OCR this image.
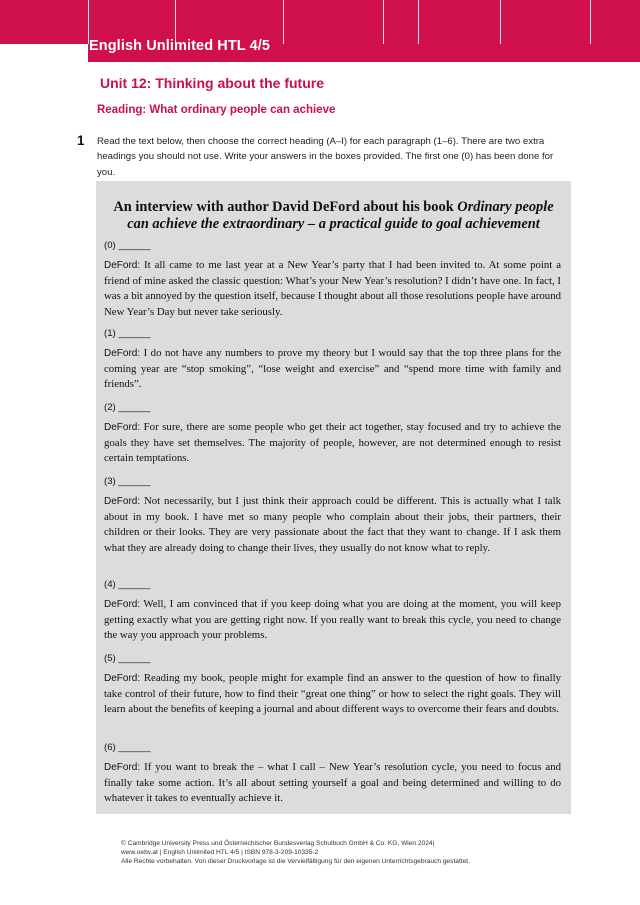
English Unlimited HTL 4/5
Unit 12: Thinking about the future
Reading: What ordinary people can achieve
1 Read the text below, then choose the correct heading (A–I) for each paragraph (1–6). There are two extra headings you should not use. Write your answers in the boxes provided. The first one (0) has been done for you.
An interview with author David DeFord about his book Ordinary people can achieve the extraordinary – a practical guide to goal achievement
(0) ______
DeFord: It all came to me last year at a New Year’s party that I had been invited to. At some point a friend of mine asked the classic question: What’s your New Year’s resolution? I didn’t have one. In fact, I was a bit annoyed by the question itself, because I thought about all those resolutions people have around New Year’s Day but never take seriously.
(1) ______
DeFord: I do not have any numbers to prove my theory but I would say that the top three plans for the coming year are “stop smoking”, “lose weight and exercise” and “spend more time with family and friends”.
(2) ______
DeFord: For sure, there are some people who get their act together, stay focused and try to achieve the goals they have set themselves. The majority of people, however, are not determined enough to resist certain temptations.
(3) ______
DeFord: Not necessarily, but I just think their approach could be different. This is actually what I talk about in my book. I have met so many people who complain about their jobs, their partners, their children or their looks. They are very passionate about the fact that they want to change. If I ask them what they are already doing to change their lives, they usually do not know what to reply.
(4) ______
DeFord: Well, I am convinced that if you keep doing what you are doing at the moment, you will keep getting exactly what you are getting right now. If you really want to break this cycle, you need to change the way you approach your problems.
(5) ______
DeFord: Reading my book, people might for example find an answer to the question of how to finally take control of their future, how to find their “great one thing” or how to select the right goals. They will learn about the benefits of keeping a journal and about different ways to overcome their fears and doubts.
(6) ______
DeFord: If you want to break the – what I call – New Year’s resolution cycle, you need to focus and finally take some action. It’s all about setting yourself a goal and being determined and willing to do whatever it takes to eventually achieve it.
© Cambridge University Press und Österreichischer Bundesverlag Schulbuch GmbH & Co. KG, Wien 2024|
www.oebv.at | English Unlimited HTL 4/5 | ISBN 978-3-209-10335-2
Alle Rechte vorbehalten. Von dieser Druckvorlage ist die Vervielfältigung für den eigenen Unterrichtsgebrauch gestattet.
